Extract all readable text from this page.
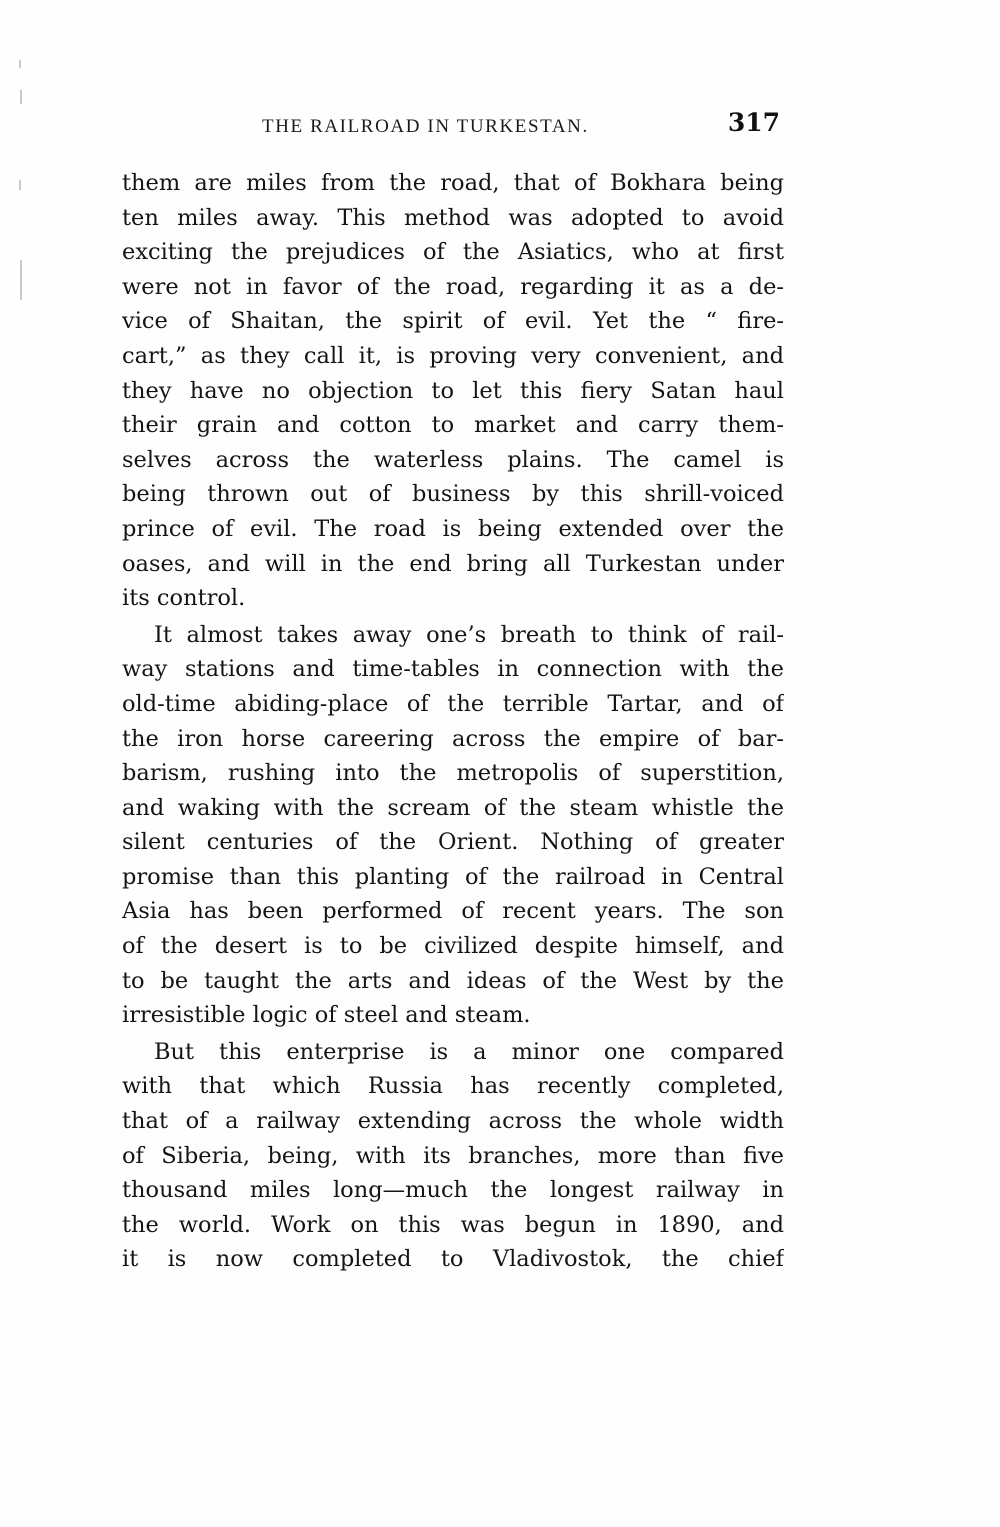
THE RAILROAD IN TURKESTAN.	317
them are miles from the road, that of Bokhara being
ten miles away. This method was adopted to avoid
exciting the prejudices of the Asiatics, who at first
were not in favor of the road, regarding it as a de-
vice of Shaitan, the spirit of evil. Yet the “ fire-
cart,” as they call it, is proving very convenient, and
they have no objection to let this fiery Satan haul
their grain and cotton to market and carry them-
selves across the waterless plains. The camel is
being thrown out of business by this shrill-voiced
prince of evil. The road is being extended over the
oases, and will in the end bring all Turkestan under
its control.
It almost takes away one’s breath to think of rail-
way stations and time-tables in connection with the
old-time abiding-place of the terrible Tartar, and of
the iron horse careering across the empire of bar-
barism, rushing into the metropolis of superstition,
and waking with the scream of the steam whistle the
silent centuries of the Orient. Nothing of greater
promise than this planting of the railroad in Central
Asia has been performed of recent years. The son
of the desert is to be civilized despite himself, and
to be taught the arts and ideas of the West by the
irresistible logic of steel and steam.
But this enterprise is a minor one compared
with that which Russia has recently completed,
that of a railway extending across the whole width
of Siberia, being, with its branches, more than five
thousand miles long—much the longest railway in
the world. Work on this was begun in 1890, and
it is now completed to Vladivostok, the chief
